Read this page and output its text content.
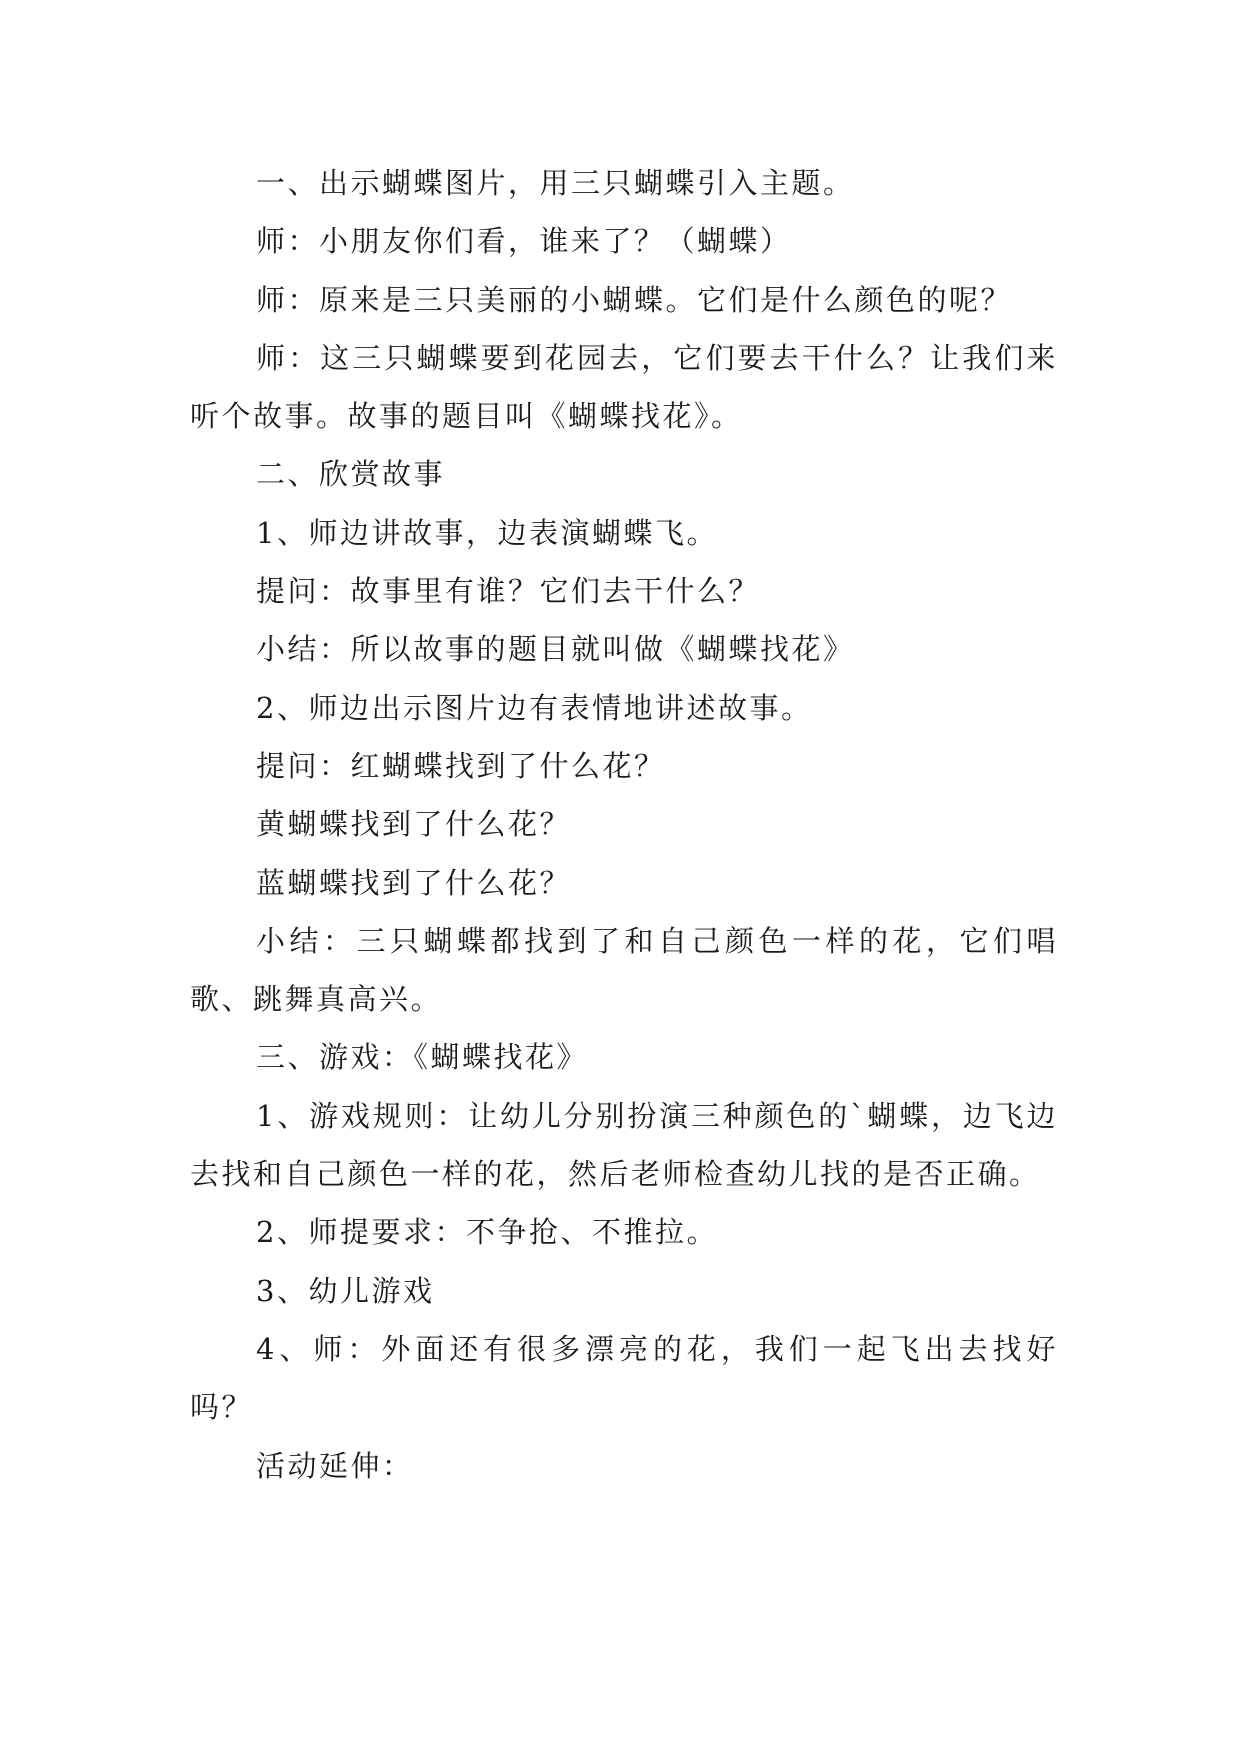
一、出示蝴蝶图片，用三只蝴蝶引入主题。

师：小朋友你们看，谁来了？（蝴蝶）

师：原来是三只美丽的小蝴蝶。它们是什么颜色的呢？

师：这三只蝴蝶要到花园去，它们要去干什么？让我们来听个故事。故事的题目叫《蝴蝶找花》。

二、欣赏故事

1、师边讲故事，边表演蝴蝶飞。

提问：故事里有谁？它们去干什么？

小结：所以故事的题目就叫做《蝴蝶找花》

2、师边出示图片边有表情地讲述故事。

提问：红蝴蝶找到了什么花？

黄蝴蝶找到了什么花？

蓝蝴蝶找到了什么花？

小结：三只蝴蝶都找到了和自己颜色一样的花，它们唱歌、跳舞真高兴。

三、游戏：《蝴蝶找花》

1、游戏规则：让幼儿分别扮演三种颜色的`蝴蝶，边飞边去找和自己颜色一样的花，然后老师检查幼儿找的是否正确。

2、师提要求：不争抢、不推拉。

3、幼儿游戏

4、师：外面还有很多漂亮的花，我们一起飞出去找好吗？

活动延伸：
